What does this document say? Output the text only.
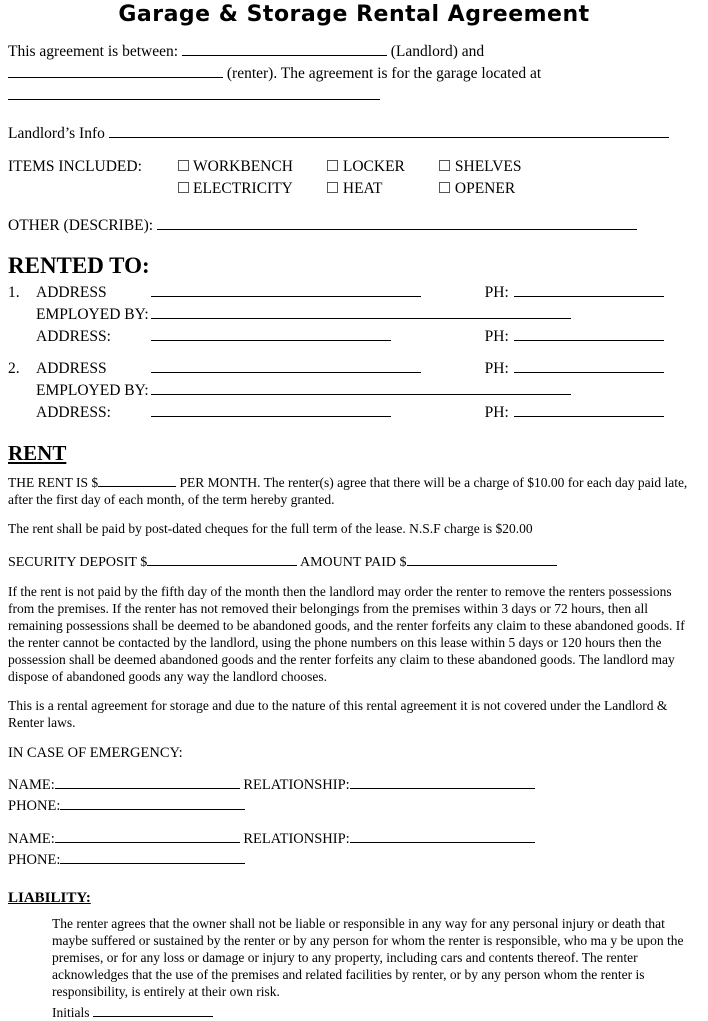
Garage & Storage Rental Agreement
This agreement is between:	(Landlord) and
(renter). The agreement is for the garage located at

Landlord’s Info
ITEMS INCLUDED:		WORKBENCH		LOCKER		SHELVES
		ELECTRICITY		HEAT		OPENER
OTHER (DESCRIBE):
RENTED TO:
1.	ADDRESS		PH:	
	EMPLOYED BY:			
	ADDRESS:		PH:	

2.	ADDRESS		PH:	
	EMPLOYED BY:			
	ADDRESS:		PH:	
RENT
THE RENT IS $	PER MONTH. The renter(s) agree that there will be a charge of $10.00 for each day paid late,
after the first day of each month, of the term hereby granted.
The rent shall be paid by post-dated cheques for the full term of the lease. N.S.F charge is $20.00
SECURITY DEPOSIT $	AMOUNT PAID $
If the rent is not paid by the fifth day of the month then the landlord may order the renter to remove the renters possessions from the premises. If the renter has not removed their belongings from the premises within 3 days or 72 hours, then all remaining possessions shall be deemed to be abandoned goods, and the renter forfeits any claim to these abandoned goods. If the renter cannot be contacted by the landlord, using the phone numbers on this lease within 5 days or 120 hours then the possession shall be deemed abandoned goods and the renter forfeits any claim to these abandoned goods. The landlord may dispose of abandoned goods any way the landlord chooses.
This is a rental agreement for storage and due to the nature of this rental agreement it is not covered under the Landlord & Renter laws.
IN CASE OF EMERGENCY:
NAME:	RELATIONSHIP:
PHONE:
NAME:	RELATIONSHIP:
PHONE:
LIABILITY:
The renter agrees that the owner shall not be liable or responsible in any way for any personal injury or death that maybe suffered or sustained by the renter or by any person for whom the renter is responsible, who ma y be upon the premises, or for any loss or damage or injury to any property, including cars and contents thereof. The renter acknowledges that the use of the premises and related facilities by renter, or by any person whom the renter is responsibility, is entirely at their own risk.
Initials
